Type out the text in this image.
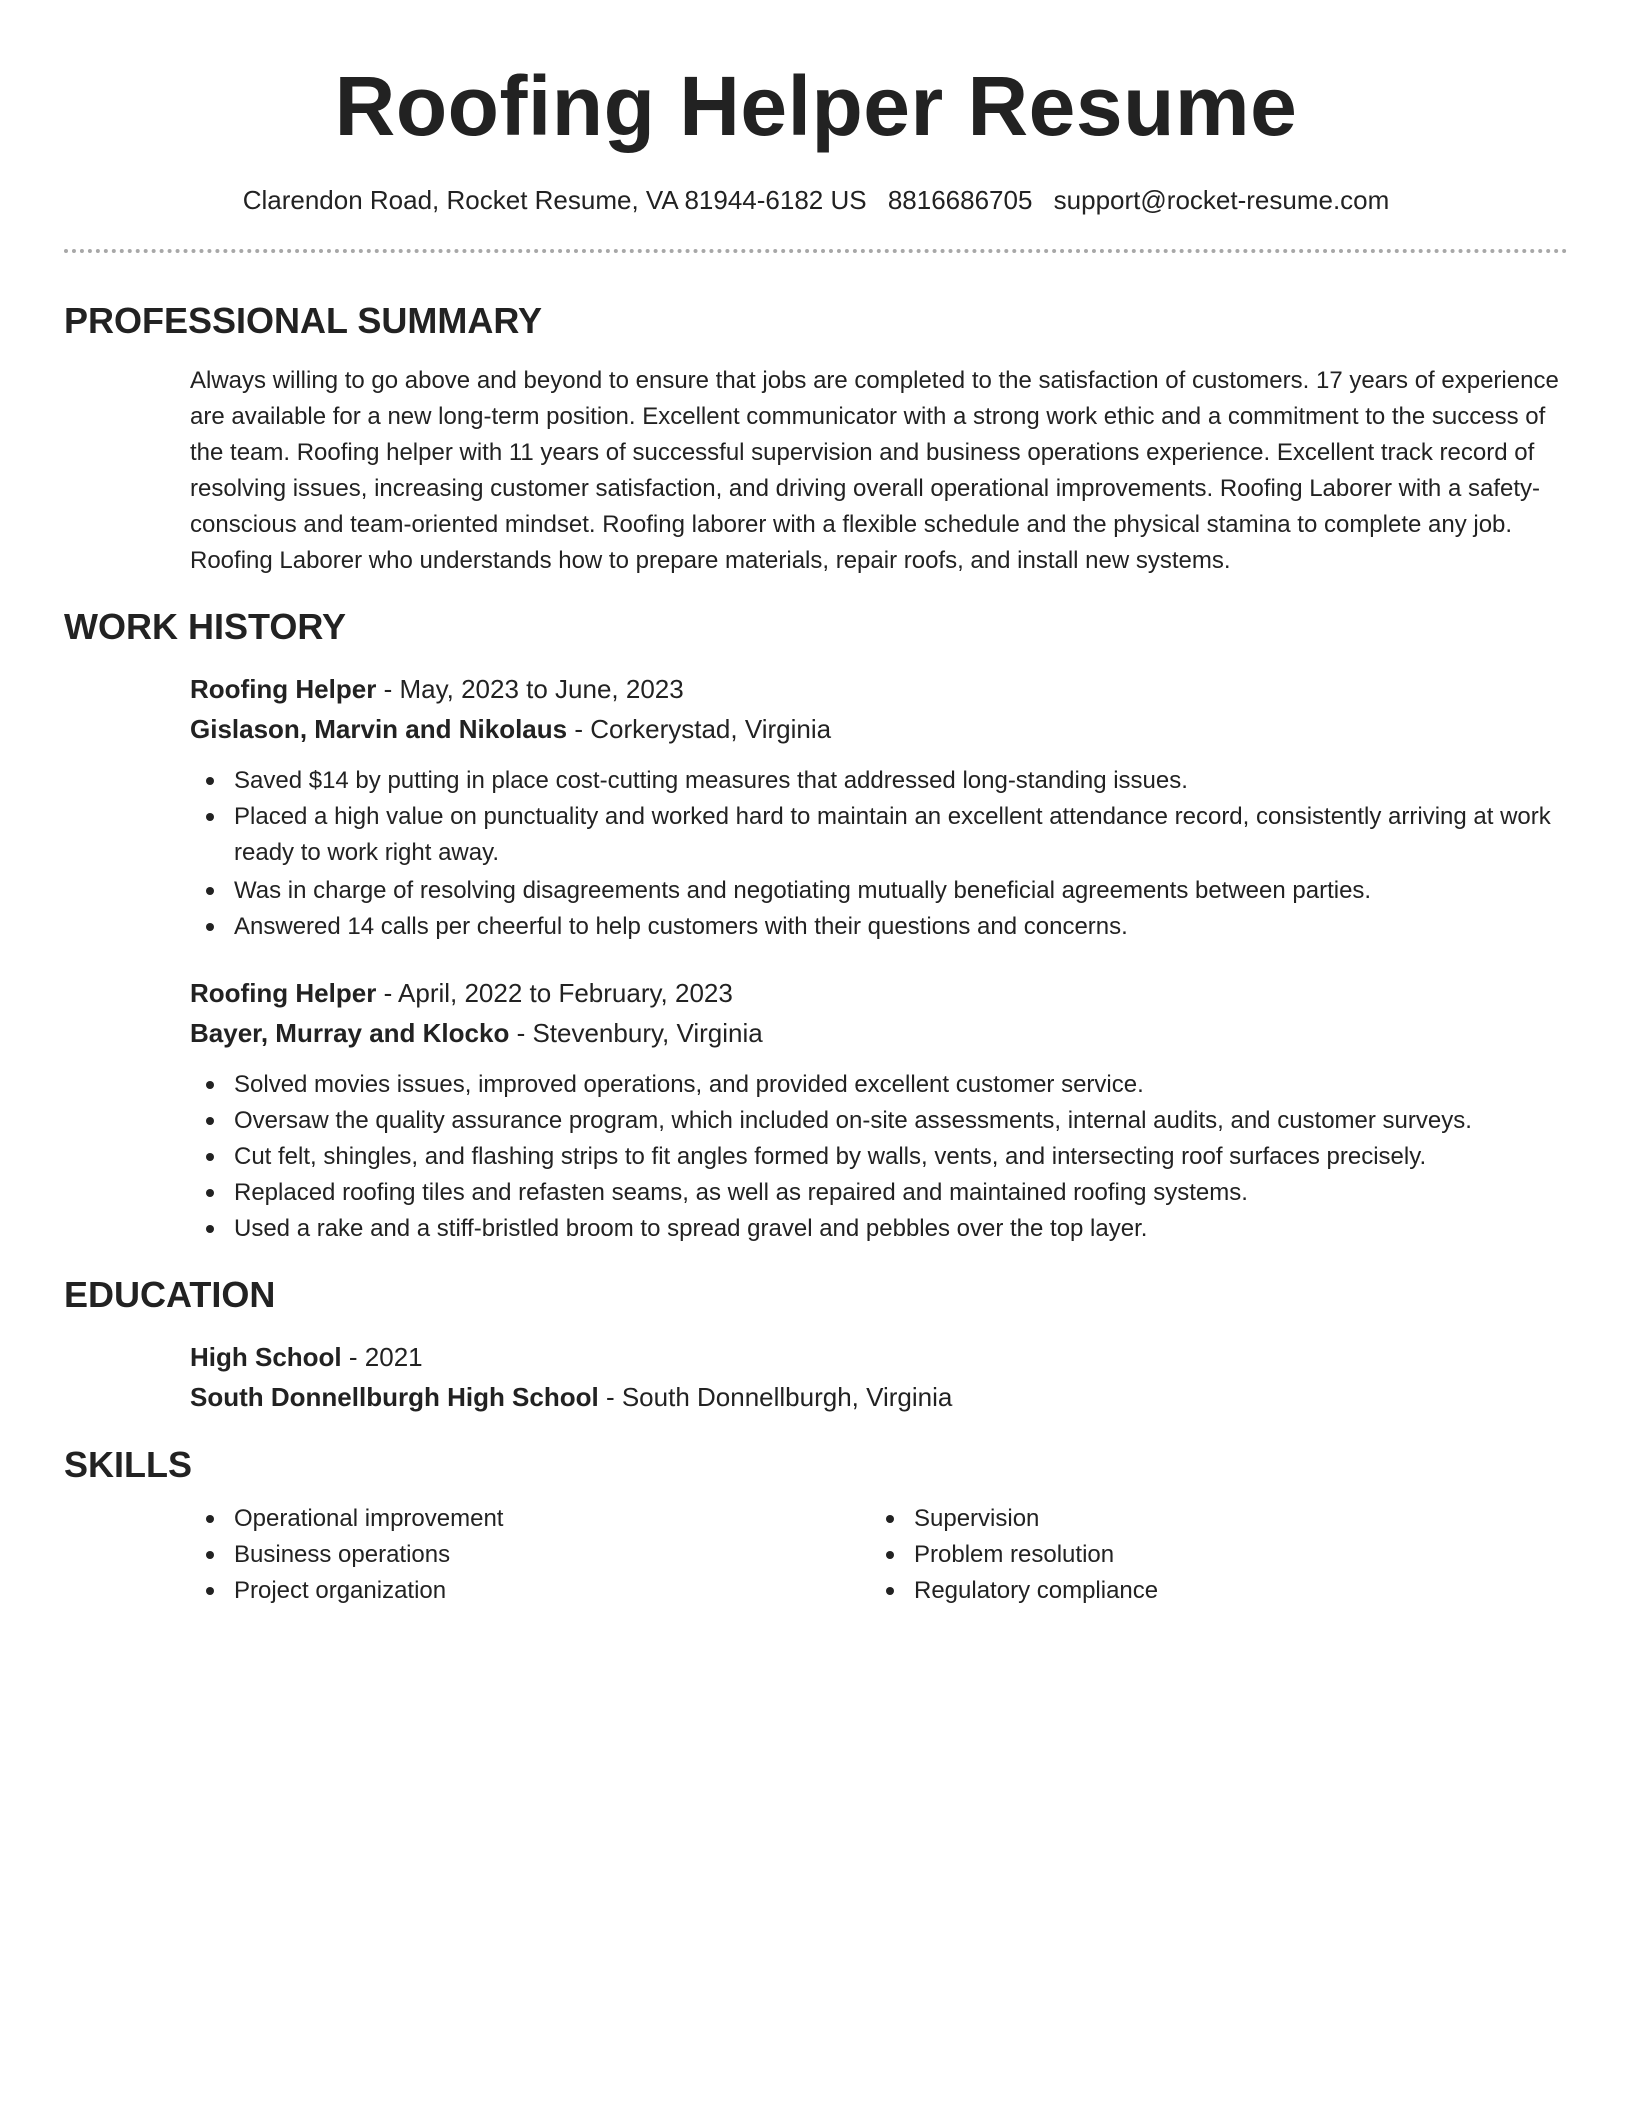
Roofing Helper Resume
Clarendon Road, Rocket Resume, VA 81944-6182 US 8816686705 support@rocket-resume.com
PROFESSIONAL SUMMARY
Always willing to go above and beyond to ensure that jobs are completed to the satisfaction of customers. 17 years of experience are available for a new long-term position. Excellent communicator with a strong work ethic and a commitment to the success of the team. Roofing helper with 11 years of successful supervision and business operations experience. Excellent track record of resolving issues, increasing customer satisfaction, and driving overall operational improvements. Roofing Laborer with a safety-conscious and team-oriented mindset. Roofing laborer with a flexible schedule and the physical stamina to complete any job. Roofing Laborer who understands how to prepare materials, repair roofs, and install new systems.
WORK HISTORY
Roofing Helper - May, 2023 to June, 2023
Gislason, Marvin and Nikolaus - Corkerystad, Virginia
Saved $14 by putting in place cost-cutting measures that addressed long-standing issues.
Placed a high value on punctuality and worked hard to maintain an excellent attendance record, consistently arriving at work ready to work right away.
Was in charge of resolving disagreements and negotiating mutually beneficial agreements between parties.
Answered 14 calls per cheerful to help customers with their questions and concerns.
Roofing Helper - April, 2022 to February, 2023
Bayer, Murray and Klocko - Stevenbury, Virginia
Solved movies issues, improved operations, and provided excellent customer service.
Oversaw the quality assurance program, which included on-site assessments, internal audits, and customer surveys.
Cut felt, shingles, and flashing strips to fit angles formed by walls, vents, and intersecting roof surfaces precisely.
Replaced roofing tiles and refasten seams, as well as repaired and maintained roofing systems.
Used a rake and a stiff-bristled broom to spread gravel and pebbles over the top layer.
EDUCATION
High School - 2021
South Donnellburgh High School - South Donnellburgh, Virginia
SKILLS
Operational improvement
Business operations
Project organization
Supervision
Problem resolution
Regulatory compliance
